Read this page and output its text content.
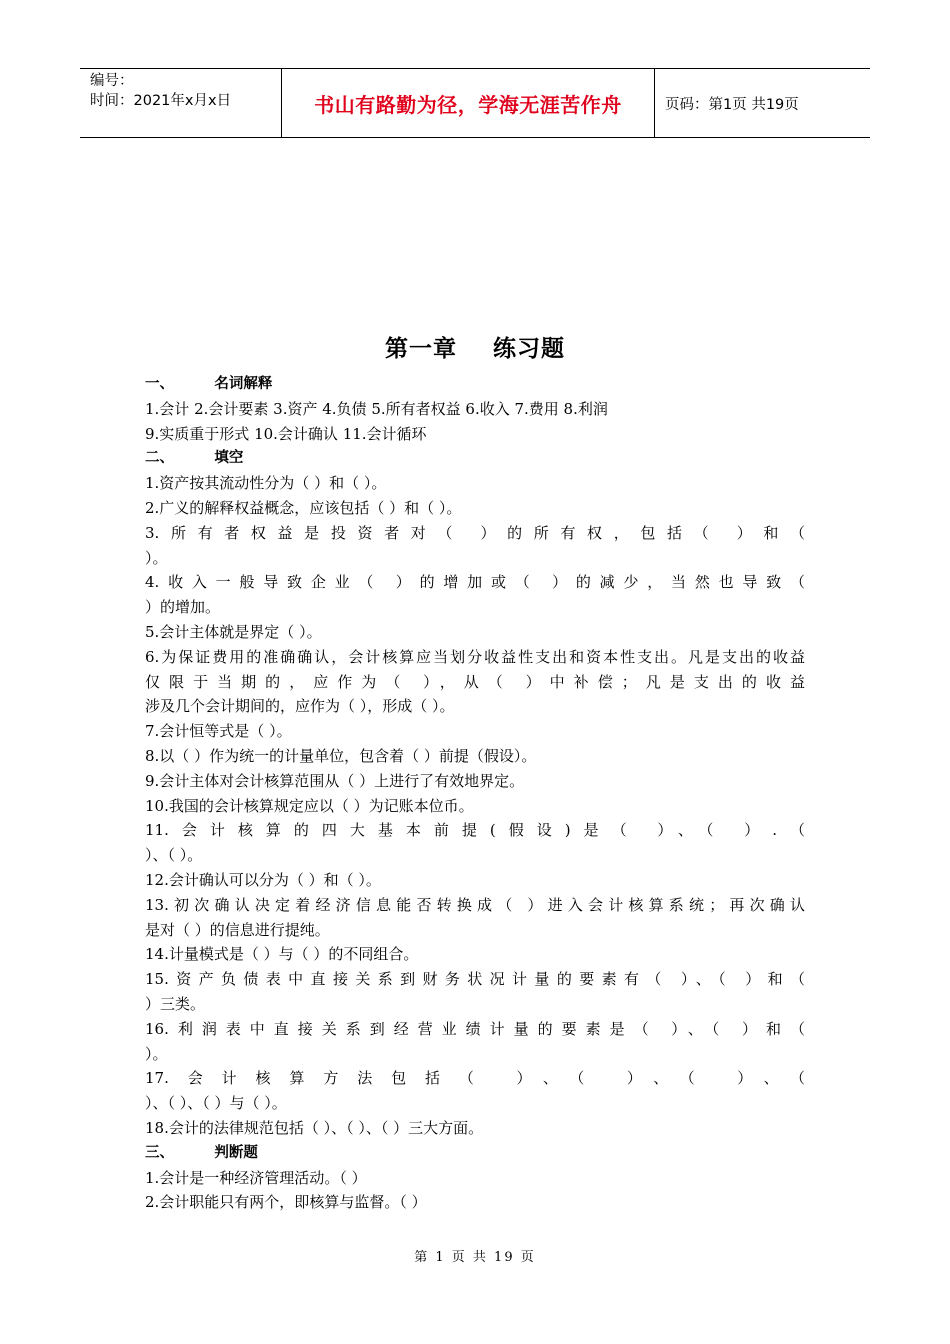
编号：
时间：2021年x月x日	书山有路勤为径，学海无涯苦作舟	页码：第1页 共19页
第一章    练习题
一、        名词解释
1.会计 2.会计要素 3.资产 4.负债 5.所有者权益 6.收入 7.费用 8.利润
9.实质重于形式 10.会计确认 11.会计循环
二、        填空
1.资产按其流动性分为（ ）和（ ）。
2.广义的解释权益概念，应该包括（ ）和（ ）。
3.所有者权益是投资者对（ ）的所有权，包括（ ）和（
）。
4.收入一般导致企业（ ）的增加或（ ）的减少，当然也导致（
）的增加。
5.会计主体就是界定（ ）。
6.为保证费用的准确确认，会计核算应当划分收益性支出和资本性支出。凡是支出的收益
仅限于当期的，应作为（ ），从（ ）中补偿；凡是支出的收益
涉及几个会计期间的，应作为（ ），形成（ ）。
7.会计恒等式是（ ）。
8.以（ ）作为统一的计量单位，包含着（ ）前提（假设）。
9.会计主体对会计核算范围从（ ）上进行了有效地界定。
10.我国的会计核算规定应以（ ）为记账本位币。
11.会计核算的四大基本前提(假设)是（ ）、（ ）.（
）、（ ）。
12.会计确认可以分为（ ）和（ ）。
13.初次确认决定着经济信息能否转换成（ ）进入会计核算系统；再次确认
是对（ ）的信息进行提纯。
14.计量模式是（ ）与（ ）的不同组合。
15.资产负债表中直接关系到财务状况计量的要素有（ ）、（ ）和（
）三类。
16.利润表中直接关系到经营业绩计量的要素是（ ）、（ ）和（
）。
17.会计核算方法包括（ ）、（ ）、（ ）、（
）、（ ）、（ ）与（ ）。
18.会计的法律规范包括（ ）、（ ）、（ ）三大方面。
三、        判断题
1.会计是一种经济管理活动。（ ）
2.会计职能只有两个，即核算与监督。（ ）
第 1 页 共 19 页
